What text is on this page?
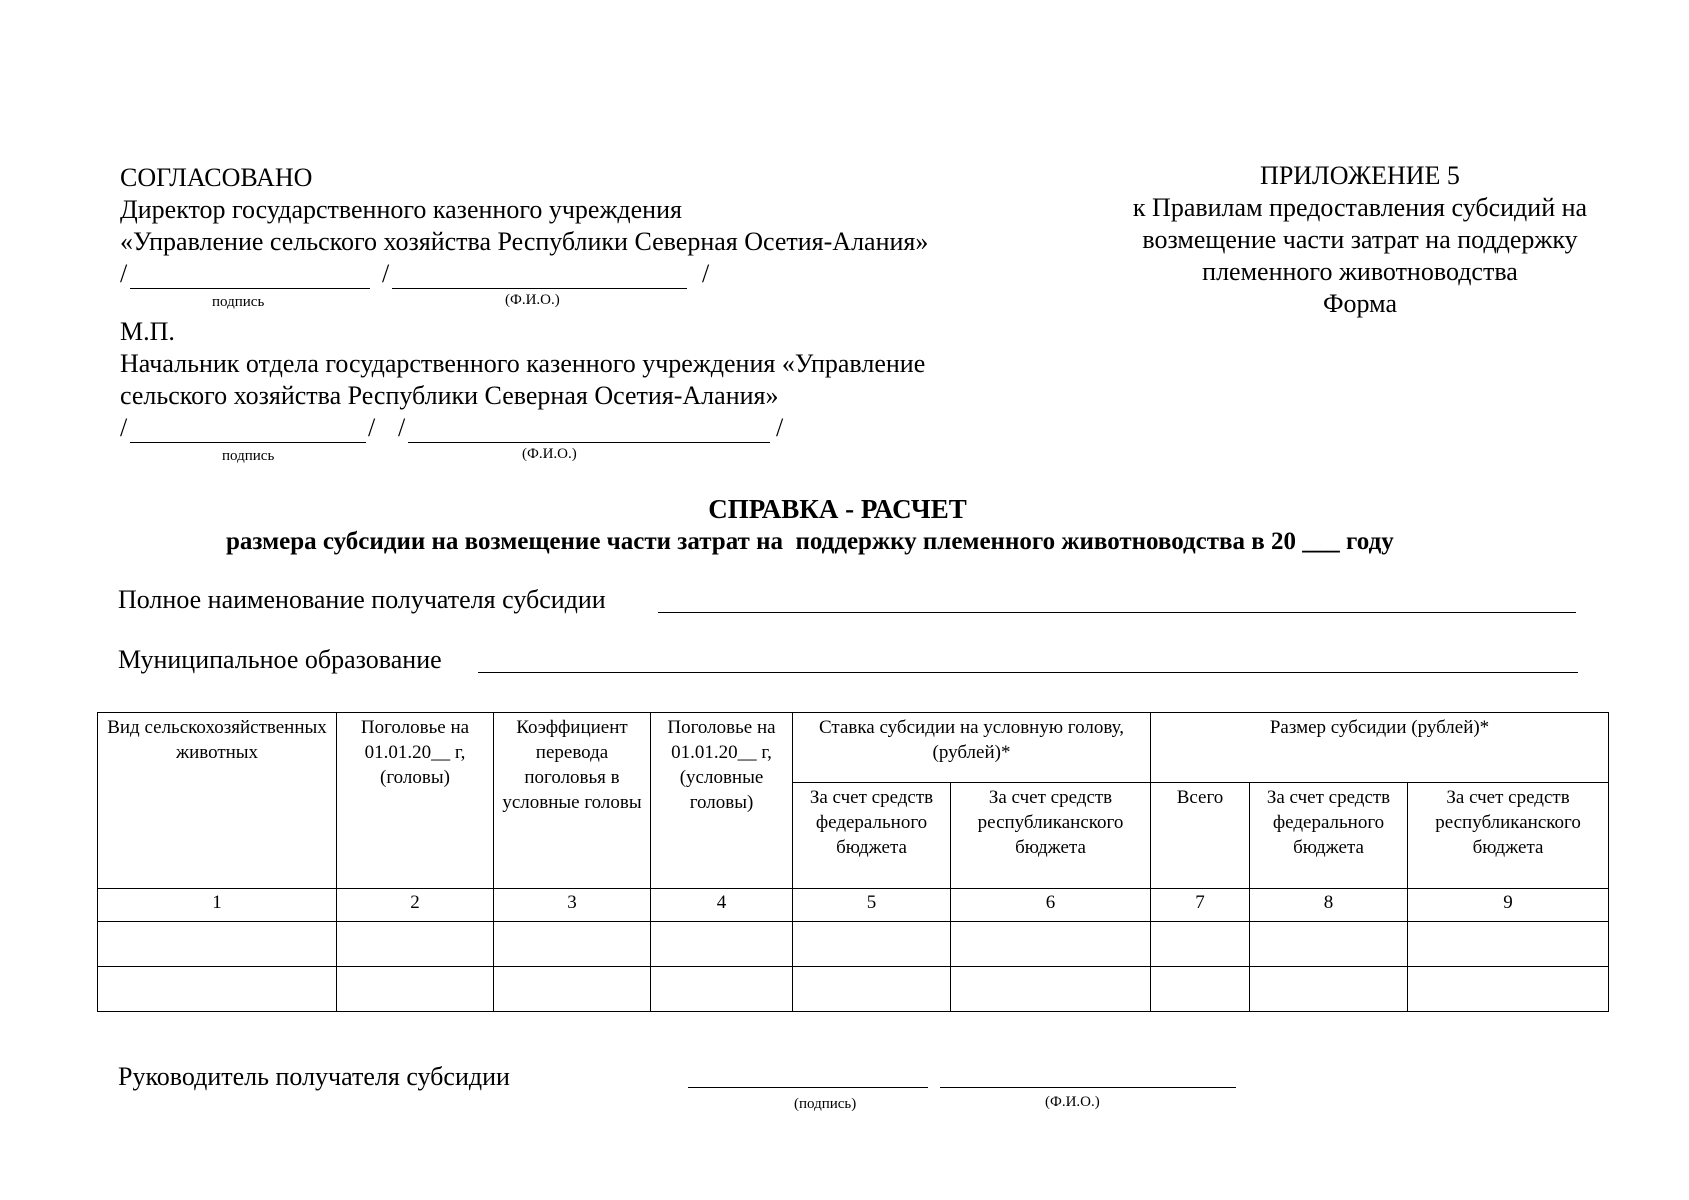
СОГЛАСОВАНО
Директор государственного казенного учреждения
«Управление сельского хозяйства Республики Северная Осетия-Алания»
/	/	/
подпись	(Ф.И.О.)
М.П.
Начальник отдела государственного казенного учреждения «Управление
сельского хозяйства Республики Северная Осетия-Алания»
/	/ /	/
подпись	(Ф.И.О.)
ПРИЛОЖЕНИЕ 5
к Правилам предоставления субсидий на
возмещение части затрат на поддержку
племенного животноводства
Форма
СПРАВКА - РАСЧЕТ
размера субсидии на возмещение части затрат на  поддержку племенного животноводства в 20 ___ году
Полное наименование получателя субсидии
Муниципальное образование
Вид сельскохозяйственных животных	Поголовье на 01.01.20__ г, (головы)	Коэффициент перевода поголовья в условные головы	Поголовье на 01.01.20__ г, (условные головы)	Ставка субсидии на условную голову, (рублей)*		Размер субсидии (рублей)*		
				За счет средств федерального бюджета	За счет средств республиканского бюджета	Всего	За счет средств федерального бюджета	За счет средств республиканского бюджета
1	2	3	4	5	6	7	8	9

Руководитель получателя субсидии
(подпись)	(Ф.И.О.)
